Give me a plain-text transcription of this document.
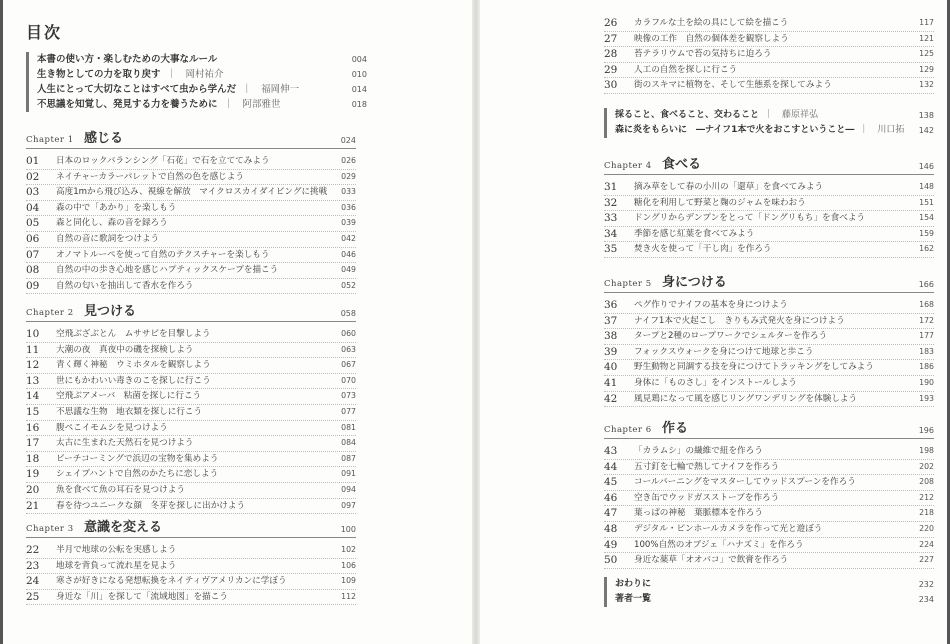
目次
本書の使い方・楽しむための大事なルール	004
生き物としての力を取り戻す ｜　岡村祐介	010
人生にとって大切なことはすべて虫から学んだ ｜　福岡伸一	014
不思議を知覚し、発見する力を養うために ｜　阿部雅世	018
Chapter 1 感じる	024
01 日本のロックバランシング「石花」で石を立ててみよう	026
02 ネイチャーカラーパレットで自然の色を感じよう	029
03 高度1mから飛び込み、視線を解放　マイクロスカイダイビングに挑戦 033
04 森の中で「あかり」を楽しもう	036
05 森と同化し、森の音を録ろう	039
06 自然の音に歌詞をつけよう	042
07 オノマトルーペを使って自然のテクスチャーを楽しもう	046
08 自然の中の歩き心地を感じハプティックスケープを描こう	049
09 自然の匂いを抽出して香水を作ろう	052
Chapter 2 見つける	058
10 空飛ぶざぶとん　ムササビを目撃しよう	060
11 大潮の夜　真夜中の磯を探検しよう	063
12 青く輝く神秘　ウミホタルを観察しよう	067
13 世にもかわいい毒きのこを探しに行こう	070
14 空飛ぶアメーバ　粘菌を探しに行こう	073
15 不思議な生物　地衣類を探しに行こう	077
16 腹ペこイモムシを見つけよう	081
17 太古に生まれた天然石を見つけよう	084
18 ビーチコーミングで浜辺の宝物を集めよう	087
19 シェイプハントで自然のかたちに恋しよう	091
20 魚を食べて魚の耳石を見つけよう	094
21 春を待つユニークな顔　冬芽を探しに出かけよう	097
Chapter 3 意識を変える	100
22 半月で地球の公転を実感しよう	102
23 地球を背負って流れ星を見よう	106
24 寒さが好きになる発想転換をネイティヴアメリカンに学ぼう	109
25 身近な「川」を探して「流域地図」を描こう	112
26 カラフルな土を絵の具にして絵を描こう	117
27 映像の工作　自然の個体差を観察しよう	121
28 苔テラリウムで苔の気持ちに迫ろう	125
29 人工の自然を探しに行こう	129
30 街のスキマに植物を、そして生態系を探してみよう	132
採ること、食べること、交わること ｜　藤原祥弘	138
森に炎をもらいに　―ナイフ1本で火をおこすということ― ｜　川口拓 142
Chapter 4 食べる	146
31 摘み草をして春の小川の「還草」を食べてみよう	148
32 糖化を利用して野菜と麹のジャムを味わおう	151
33 ドングリからデンプンをとって「ドングリもち」を食べよう	154
34 季節を感じ紅葉を食べてみよう	159
35 焚き火を使って「干し肉」を作ろう	162
Chapter 5 身につける	166
36 ペグ作りでナイフの基本を身につけよう	168
37 ナイフ1本で火起こし　きりもみ式発火を身につけよう	172
38 タープと2種のロープワークでシェルターを作ろう	177
39 フォックスウォークを身につけて地球と歩こう	183
40 野生動物と同調する技を身につけてトラッキングをしてみよう	186
41 身体に「ものさし」をインストールしよう	190
42 風見鶏になって風を感じリングワンデリングを体験しよう	193
Chapter 6 作る	196
43 「カラムシ」の繊維で紐を作ろう	198
44 五寸釘を七輪で熱してナイフを作ろう	202
45 コールバーニングをマスターしてウッドスプーンを作ろう	208
46 空き缶でウッドガスストーブを作ろう	212
47 葉っぱの神秘　葉脈標本を作ろう	218
48 デジタル・ピンホールカメラを作って光と遊ぼう	220
49 100%自然のオブジェ「ハナズミ」を作ろう	224
50 身近な薬草「オオバコ」で飲膏を作ろう	227
おわりに	232
著者一覧	234
